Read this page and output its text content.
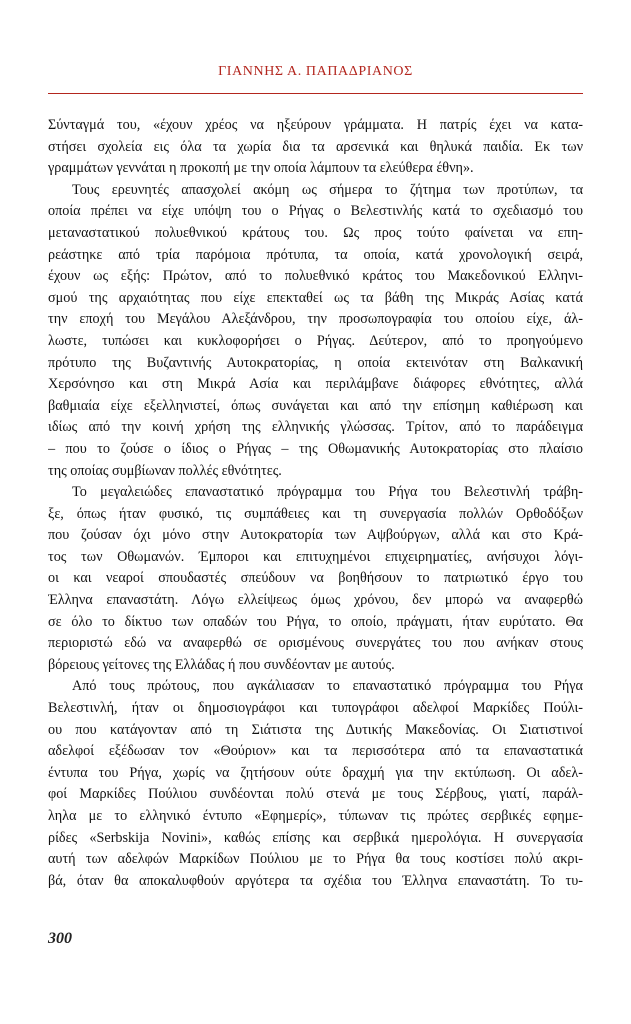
ΓΙΑΝΝΗΣ Α. ΠΑΠΑΔΡΙΑΝΟΣ
Σύνταγμά του, «έχουν χρέος να ηξεύρουν γράμματα. Η πατρίς έχει να κατα-
στήσει σχολεία εις όλα τα χωρία δια τα αρσενικά και θηλυκά παιδία. Εκ των
γραμμάτων γεννάται η προκοπή με την οποία λάμπουν τα ελεύθερα έθνη».
Τους ερευνητές απασχολεί ακόμη ως σήμερα το ζήτημα των προτύπων, τα
οποία πρέπει να είχε υπόψη του ο Ρήγας ο Βελεστινλής κατά το σχεδιασμό του
μεταναστατικού πολυεθνικού κράτους του. Ως προς τούτο φαίνεται να επη-
ρεάστηκε από τρία παρόμοια πρότυπα, τα οποία, κατά χρονολογική σειρά,
έχουν ως εξής: Πρώτον, από το πολυεθνικό κράτος του Μακεδονικού Ελληνι-
σμού της αρχαιότητας που είχε επεκταθεί ως τα βάθη της Μικράς Ασίας κατά
την εποχή του Μεγάλου Αλεξάνδρου, την προσωπογραφία του οποίου είχε, άλ-
λωστε, τυπώσει και κυκλοφορήσει ο Ρήγας. Δεύτερον, από το προηγούμενο
πρότυπο της Βυζαντινής Αυτοκρατορίας, η οποία εκτεινόταν στη Βαλκανική
Χερσόνησο και στη Μικρά Ασία και περιλάμβανε διάφορες εθνότητες, αλλά
βαθμιαία είχε εξελληνιστεί, όπως συνάγεται και από την επίσημη καθιέρωση και
ιδίως από την κοινή χρήση της ελληνικής γλώσσας. Τρίτον, από το παράδειγμα
– που το ζούσε ο ίδιος ο Ρήγας – της Οθωμανικής Αυτοκρατορίας στο πλαίσιο
της οποίας συμβίωναν πολλές εθνότητες.
Το μεγαλειώδες επαναστατικό πρόγραμμα του Ρήγα του Βελεστινλή τράβη-
ξε, όπως ήταν φυσικό, τις συμπάθειες και τη συνεργασία πολλών Ορθοδόξων
που ζούσαν όχι μόνο στην Αυτοκρατορία των Αψβούργων, αλλά και στο Κρά-
τος των Οθωμανών. Έμποροι και επιτυχημένοι επιχειρηματίες, ανήσυχοι λόγι-
οι και νεαροί σπουδαστές σπεύδουν να βοηθήσουν το πατριωτικό έργο του
Έλληνα επαναστάτη. Λόγω ελλείψεως όμως χρόνου, δεν μπορώ να αναφερθώ
σε όλο το δίκτυο των οπαδών του Ρήγα, το οποίο, πράγματι, ήταν ευρύτατο. Θα
περιοριστώ εδώ να αναφερθώ σε ορισμένους συνεργάτες του που ανήκαν στους
βόρειους γείτονες της Ελλάδας ή που συνδέονταν με αυτούς.
Από τους πρώτους, που αγκάλιασαν το επαναστατικό πρόγραμμα του Ρήγα
Βελεστινλή, ήταν οι δημοσιογράφοι και τυπογράφοι αδελφοί Μαρκίδες Πούλι-
ου που κατάγονταν από τη Σιάτιστα της Δυτικής Μακεδονίας. Οι Σιατιστινοί
αδελφοί εξέδωσαν τον «Θούριον» και τα περισσότερα από τα επαναστατικά
έντυπα του Ρήγα, χωρίς να ζητήσουν ούτε δραχμή για την εκτύπωση. Οι αδελ-
φοί Μαρκίδες Πούλιου συνδέονται πολύ στενά με τους Σέρβους, γιατί, παράλ-
ληλα με το ελληνικό έντυπο «Εφημερίς», τύπωναν τις πρώτες σερβικές εφημε-
ρίδες «Serbskija Novini», καθώς επίσης και σερβικά ημερολόγια. Η συνεργασία
αυτή των αδελφών Μαρκίδων Πούλιου με το Ρήγα θα τους κοστίσει πολύ ακρι-
βά, όταν θα αποκαλυφθούν αργότερα τα σχέδια του Έλληνα επαναστάτη. Το τυ-
300
